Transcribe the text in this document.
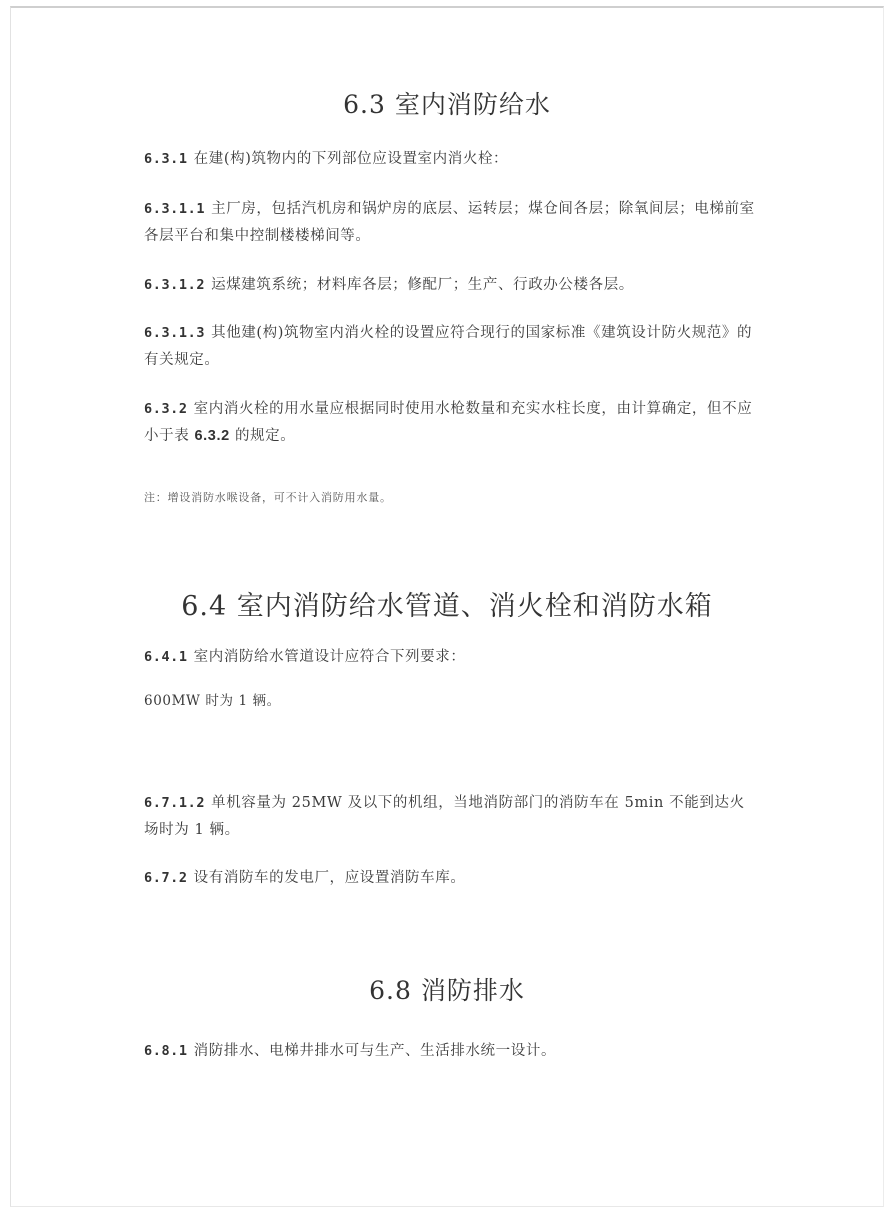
6.3 室内消防给水

6.3.1 在建(构)筑物内的下列部位应设置室内消火栓：

6.3.1.1 主厂房，包括汽机房和锅炉房的底层、运转层；煤仓间各层；除氧间层；电梯前室各层平台和集中控制楼楼梯间等。

6.3.1.2 运煤建筑系统；材料库各层；修配厂；生产、行政办公楼各层。

6.3.1.3 其他建(构)筑物室内消火栓的设置应符合现行的国家标准《建筑设计防火规范》的有关规定。

6.3.2 室内消火栓的用水量应根据同时使用水枪数量和充实水柱长度，由计算确定，但不应小于表 6.3.2 的规定。

注：增设消防水喉设备，可不计入消防用水量。

6.4 室内消防给水管道、消火栓和消防水箱

6.4.1 室内消防给水管道设计应符合下列要求：

600MW 时为 1 辆。

6.7.1.2 单机容量为 25MW 及以下的机组，当地消防部门的消防车在 5min 不能到达火场时为 1 辆。

6.7.2 设有消防车的发电厂，应设置消防车库。

6.8 消防排水

6.8.1 消防排水、电梯井排水可与生产、生活排水统一设计。
